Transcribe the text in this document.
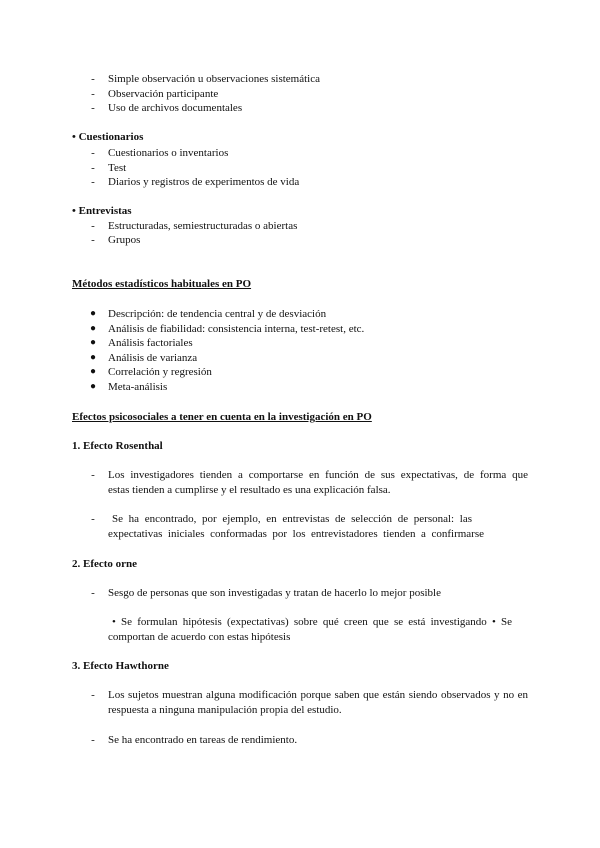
- Simple observación u observaciones sistemática
- Observación participante
- Uso de archivos documentales
• Cuestionarios
- Cuestionarios o inventarios
- Test
- Diarios y registros de experimentos de vida
• Entrevistas
- Estructuradas, semiestructuradas o abiertas
- Grupos
Métodos estadísticos habituales en PO
● Descripción: de tendencia central y de desviación
● Análisis de fiabilidad: consistencia interna, test-retest, etc.
● Análisis factoriales
● Análisis de varianza
● Correlación y regresión
● Meta-análisis
Efectos psicosociales a tener en cuenta en la investigación en PO
1. Efecto Rosenthal
- Los investigadores tienden a comportarse en función de sus expectativas, de forma que
estas tienden a cumplirse y el resultado es una explicación falsa.
- Se ha encontrado, por ejemplo, en entrevistas de selección de personal: las
expectativas iniciales conformadas por los entrevistadores tienden a confirmarse
2. Efecto orne
- Sesgo de personas que son investigadas y tratan de hacerlo lo mejor posible
• Se formulan hipótesis (expectativas) sobre qué creen que se está investigando • Se
comportan de acuerdo con estas hipótesis
3. Efecto Hawthorne
- Los sujetos muestran alguna modificación porque saben que están siendo observados y no en
respuesta a ninguna manipulación propia del estudio.
- Se ha encontrado en tareas de rendimiento.
